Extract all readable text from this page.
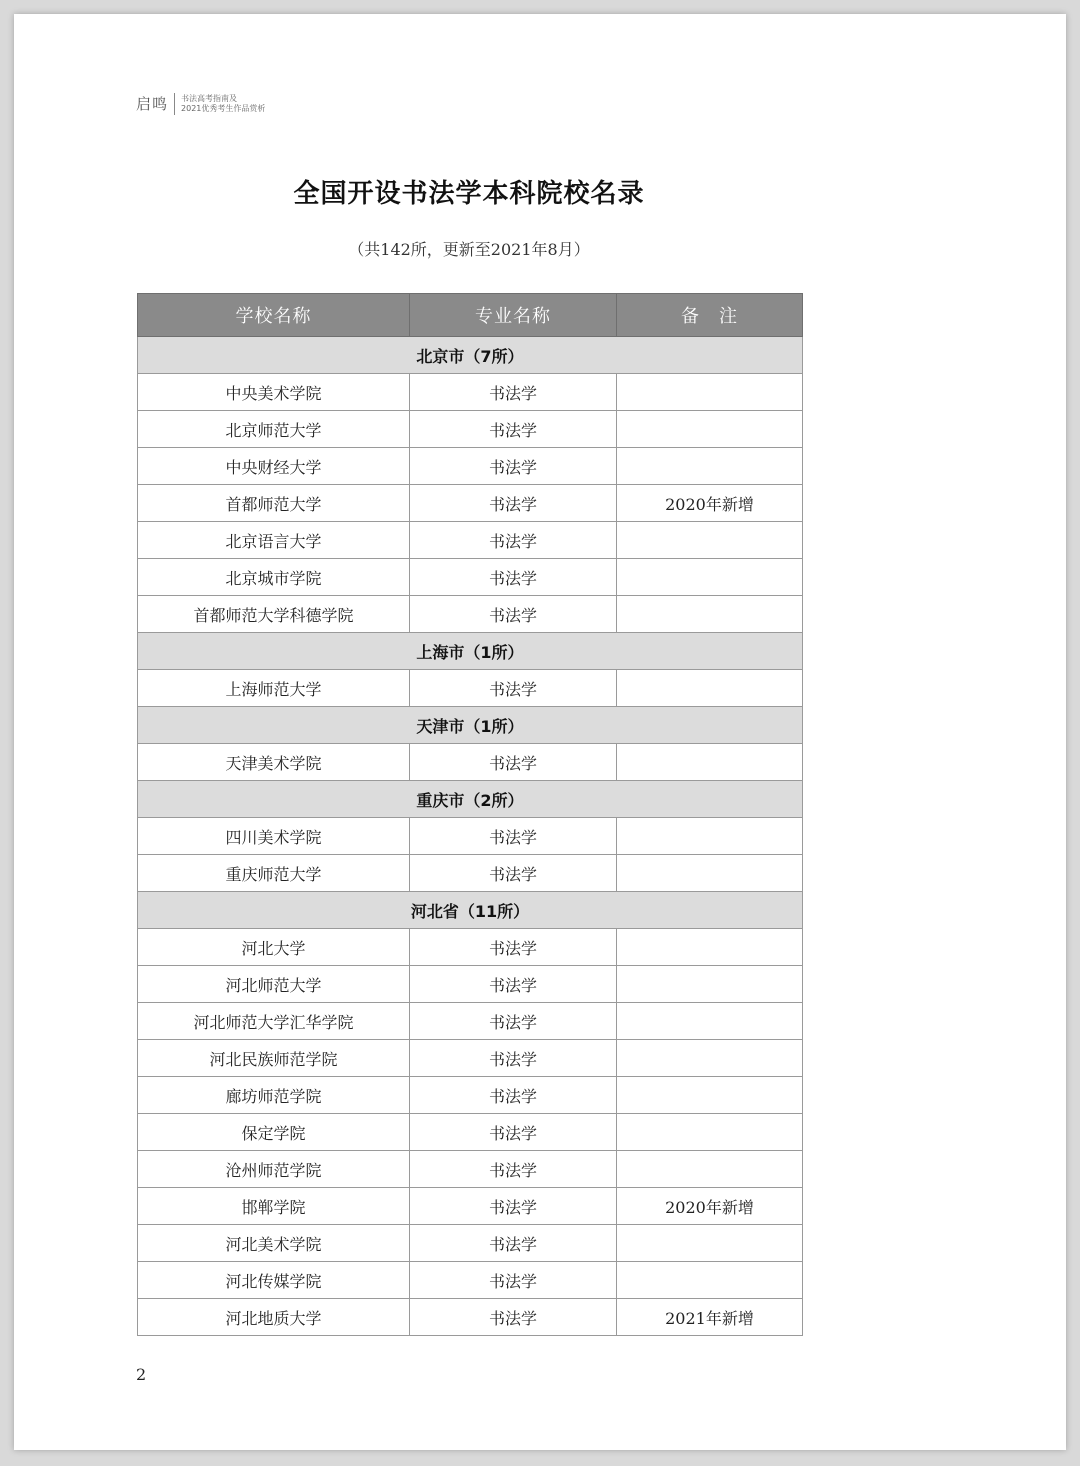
启鸣	书法高考指南及
2021优秀考生作品赏析
全国开设书法学本科院校名录
（共142所，更新至2021年8月）
学校名称	专业名称	备　注
北京市（7所）		
中央美术学院	书法学	
北京师范大学	书法学	
中央财经大学	书法学	
首都师范大学	书法学	2020年新增
北京语言大学	书法学	
北京城市学院	书法学	
首都师范大学科德学院	书法学	
上海市（1所）		
上海师范大学	书法学	
天津市（1所）		
天津美术学院	书法学	
重庆市（2所）		
四川美术学院	书法学	
重庆师范大学	书法学	
河北省（11所）		
河北大学	书法学	
河北师范大学	书法学	
河北师范大学汇华学院	书法学	
河北民族师范学院	书法学	
廊坊师范学院	书法学	
保定学院	书法学	
沧州师范学院	书法学	
邯郸学院	书法学	2020年新增
河北美术学院	书法学	
河北传媒学院	书法学	
河北地质大学	书法学	2021年新增
2
